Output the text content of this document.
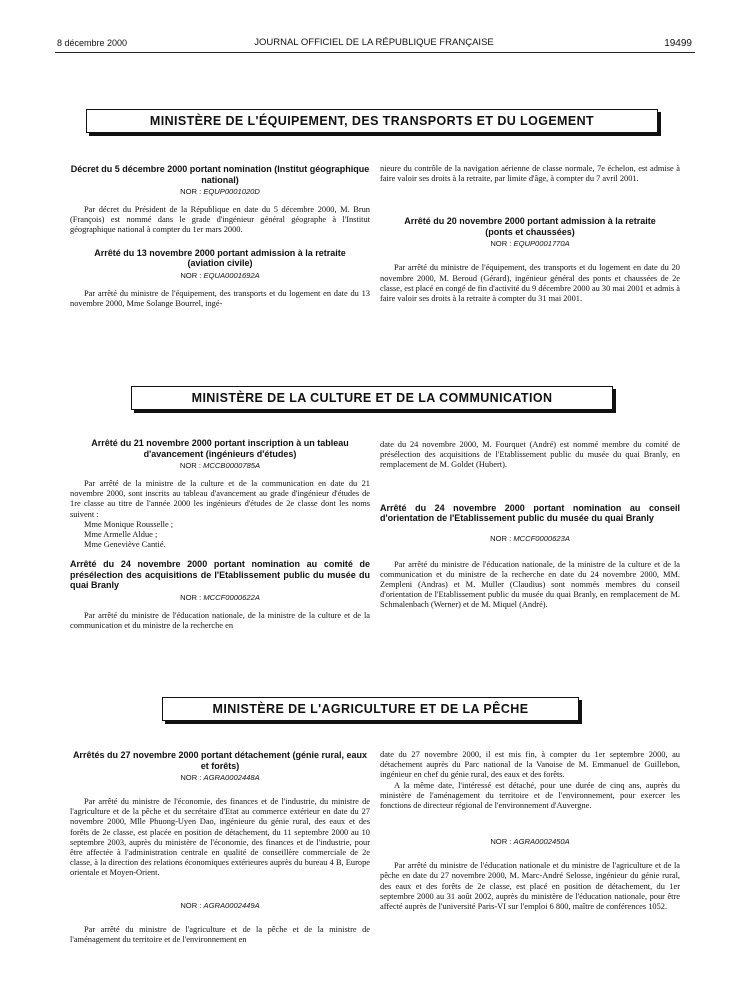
8 décembre 2000	JOURNAL OFFICIEL DE LA RÉPUBLIQUE FRANÇAISE	19499
MINISTÈRE DE L'ÉQUIPEMENT, DES TRANSPORTS ET DU LOGEMENT

Décret du 5 décembre 2000 portant nomination (Institut géographique national)

NOR : EQUP0001020D

Par décret du Président de la République en date du 5 décembre 2000, M. Brun (François) est nommé dans le grade d'ingénieur général géographe à l'Institut géographique national à compter du 1er mars 2000.

Arrêté du 13 novembre 2000 portant admission à la retraite (aviation civile)

NOR : EQUA0001692A

Par arrêté du ministre de l'équipement, des transports et du logement en date du 13 novembre 2000, Mme Solange Bourrel, ingé-

nieure du contrôle de la navigation aérienne de classe normale, 7e échelon, est admise à faire valoir ses droits à la retraite, par limite d'âge, à compter du 7 avril 2001.

Arrêté du 20 novembre 2000 portant admission à la retraite (ponts et chaussées)

NOR : EQUP0001770A

Par arrêté du ministre de l'équipement, des transports et du logement en date du 20 novembre 2000, M. Beroud (Gérard), ingénieur général des ponts et chaussées de 2e classe, est placé en congé de fin d'activité du 9 décembre 2000 au 30 mai 2001 et admis à faire valoir ses droits à la retraite à compter du 31 mai 2001.

MINISTÈRE DE LA CULTURE ET DE LA COMMUNICATION

Arrêté du 21 novembre 2000 portant inscription à un tableau d'avancement (ingénieurs d'études)

NOR : MCCB0000785A

Par arrêté de la ministre de la culture et de la communication en date du 21 novembre 2000, sont inscrits au tableau d'avancement au grade d'ingénieur d'études de 1re classe au titre de l'année 2000 les ingénieurs d'études de 2e classe dont les noms suivent :

Mme Monique Rousselle ;

Mme Armelle Aldue ;

Mme Geneviève Cantié.

Arrêté du 24 novembre 2000 portant nomination au comité de présélection des acquisitions de l'Etablissement public du musée du quai Branly

NOR : MCCF0000622A

Par arrêté du ministre de l'éducation nationale, de la ministre de la culture et de la communication et du ministre de la recherche en

date du 24 novembre 2000, M. Fourquet (André) est nommé membre du comité de présélection des acquisitions de l'Etablissement public du musée du quai Branly, en remplacement de M. Goldet (Hubert).

Arrêté du 24 novembre 2000 portant nomination au conseil d'orientation de l'Etablissement public du musée du quai Branly

NOR : MCCF0000623A

Par arrêté du ministre de l'éducation nationale, de la ministre de la culture et de la communication et du ministre de la recherche en date du 24 novembre 2000, MM. Zempleni (Andras) et M. Muller (Claudius) sont nommés membres du conseil d'orientation de l'Etablissement public du musée du quai Branly, en remplacement de M. Schmalenbach (Werner) et de M. Miquel (André).

MINISTÈRE DE L'AGRICULTURE ET DE LA PÊCHE

Arrêtés du 27 novembre 2000 portant détachement (génie rural, eaux et forêts)

NOR : AGRA0002448A

Par arrêté du ministre de l'économie, des finances et de l'industrie, du ministre de l'agriculture et de la pêche et du secrétaire d'Etat au commerce extérieur en date du 27 novembre 2000, Mlle Phuong-Uyen Dao, ingénieure du génie rural, des eaux et des forêts de 2e classe, est placée en position de détachement, du 11 septembre 2000 au 10 septembre 2003, auprès du ministère de l'économie, des finances et de l'industrie, pour être affectée à l'administration centrale en qualité de conseillère commerciale de 2e classe, à la direction des relations économiques extérieures auprès du bureau 4 B, Europe orientale et Moyen-Orient.

NOR : AGRA0002449A

Par arrêté du ministre de l'agriculture et de la pêche et de la ministre de l'aménagement du territoire et de l'environnement en

date du 27 novembre 2000, il est mis fin, à compter du 1er septembre 2000, au détachement auprès du Parc national de la Vanoise de M. Emmanuel de Guillebon, ingénieur en chef du génie rural, des eaux et des forêts.

A la même date, l'intéressé est détaché, pour une durée de cinq ans, auprès du ministère de l'aménagement du territoire et de l'environnement, pour exercer les fonctions de directeur régional de l'environnement d'Auvergne.

NOR : AGRA0002450A

Par arrêté du ministre de l'éducation nationale et du ministre de l'agriculture et de la pêche en date du 27 novembre 2000, M. Marc-André Selosse, ingénieur du génie rural, des eaux et des forêts de 2e classe, est placé en position de détachement, du 1er septembre 2000 au 31 août 2002, auprès du ministère de l'éducation nationale, pour être affecté auprès de l'université Paris-VI sur l'emploi 6 800, maître de conférences 1052.
